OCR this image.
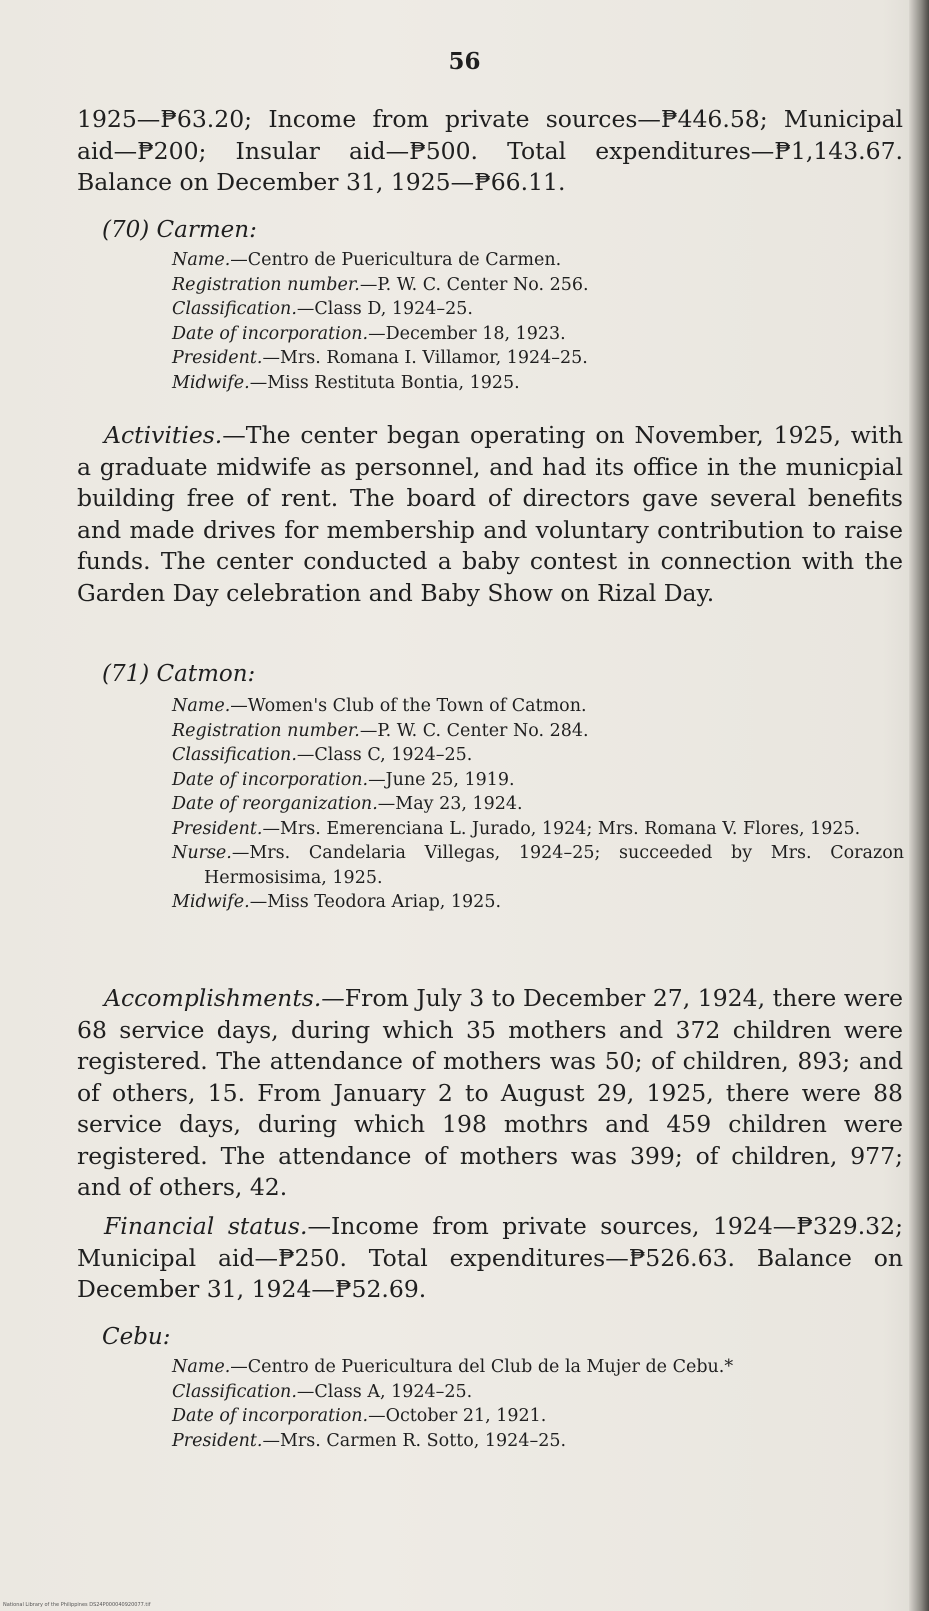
56

1925—₱63.20; Income from private sources—₱446.58; Municipal aid—₱200; Insular aid—₱500. Total expenditures—₱1,143.67. Balance on December 31, 1925—₱66.11.

(70) Carmen:
Name.—Centro de Puericultura de Carmen.
Registration number.—P. W. C. Center No. 256.
Classification.—Class D, 1924–25.
Date of incorporation.—December 18, 1923.
President.—Mrs. Romana I. Villamor, 1924–25.
Midwife.—Miss Restituta Bontia, 1925.

Activities.—The center began operating on November, 1925, with a graduate midwife as personnel, and had its office in the municpial building free of rent. The board of directors gave several benefits and made drives for membership and voluntary contribution to raise funds. The center conducted a baby contest in connection with the Garden Day celebration and Baby Show on Rizal Day.

(71) Catmon:
Name.—Women's Club of the Town of Catmon.
Registration number.—P. W. C. Center No. 284.
Classification.—Class C, 1924–25.
Date of incorporation.—June 25, 1919.
Date of reorganization.—May 23, 1924.
President.—Mrs. Emerenciana L. Jurado, 1924; Mrs. Romana V. Flores, 1925.
Nurse.—Mrs. Candelaria Villegas, 1924–25; succeeded by Mrs. Corazon Hermosisima, 1925.
Midwife.—Miss Teodora Ariap, 1925.

Accomplishments.—From July 3 to December 27, 1924, there were 68 service days, during which 35 mothers and 372 children were registered. The attendance of mothers was 50; of children, 893; and of others, 15. From January 2 to August 29, 1925, there were 88 service days, during which 198 mothrs and 459 children were registered. The attendance of mothers was 399; of children, 977; and of others, 42.

Financial status.—Income from private sources, 1924—₱329.32; Municipal aid—₱250. Total expenditures—₱526.63. Balance on December 31, 1924—₱52.69.

Cebu:
Name.—Centro de Puericultura del Club de la Mujer de Cebu.*
Classification.—Class A, 1924–25.
Date of incorporation.—October 21, 1921.
President.—Mrs. Carmen R. Sotto, 1924–25.
National Library of the Philippines DS24P000040920077.tif
